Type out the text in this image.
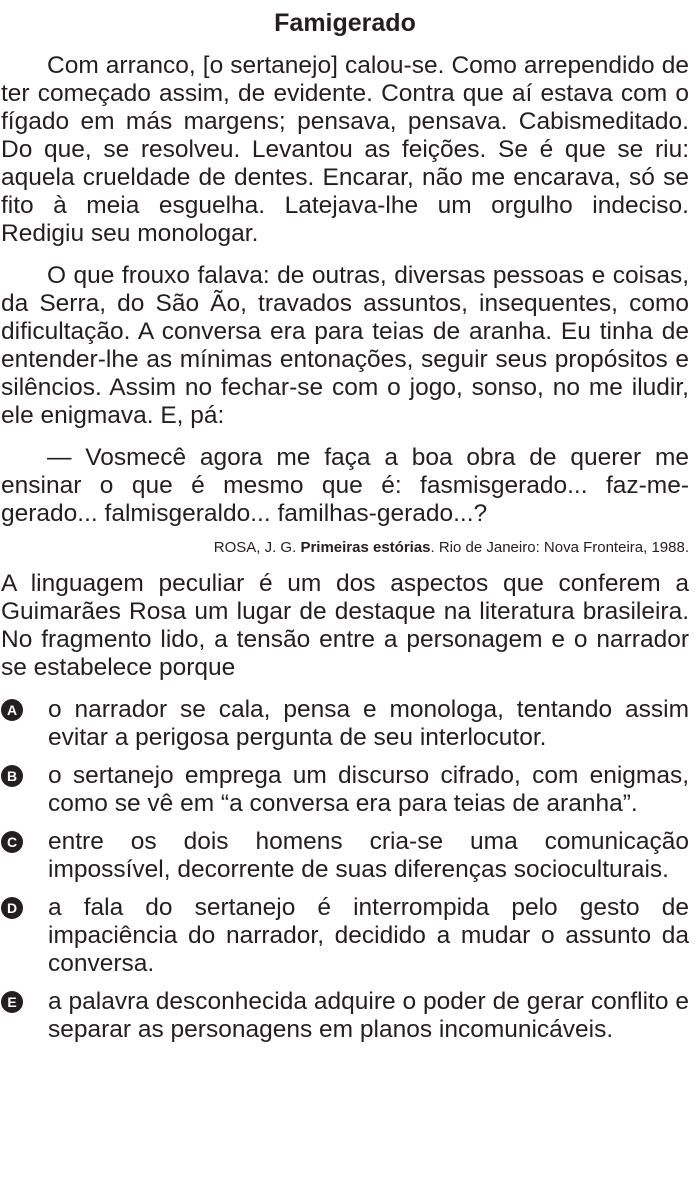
Famigerado

Com arranco, [o sertanejo] calou-se. Como arrependido de ter começado assim, de evidente. Contra que aí estava com o fígado em más margens; pensava, pensava. Cabismeditado. Do que, se resolveu. Levantou as feições. Se é que se riu: aquela crueldade de dentes. Encarar, não me encarava, só se fito à meia esguelha. Latejava-lhe um orgulho indeciso. Redigiu seu monologar.

O que frouxo falava: de outras, diversas pessoas e coisas, da Serra, do São Ão, travados assuntos, insequentes, como dificultação. A conversa era para teias de aranha. Eu tinha de entender-lhe as mínimas entonações, seguir seus propósitos e silêncios. Assim no fechar-se com o jogo, sonso, no me iludir, ele enigmava. E, pá:

— Vosmecê agora me faça a boa obra de querer me ensinar o que é mesmo que é: fasmisgerado... faz-me-gerado... falmisgeraldo... familhas-gerado...?

ROSA, J. G. Primeiras estórias. Rio de Janeiro: Nova Fronteira, 1988.

A linguagem peculiar é um dos aspectos que conferem a Guimarães Rosa um lugar de destaque na literatura brasileira. No fragmento lido, a tensão entre a personagem e o narrador se estabelece porque

A o narrador se cala, pensa e monologa, tentando assim evitar a perigosa pergunta de seu interlocutor.
B o sertanejo emprega um discurso cifrado, com enigmas, como se vê em “a conversa era para teias de aranha”.
C entre os dois homens cria-se uma comunicação impossível, decorrente de suas diferenças socioculturais.
D a fala do sertanejo é interrompida pelo gesto de impaciência do narrador, decidido a mudar o assunto da conversa.
E a palavra desconhecida adquire o poder de gerar conflito e separar as personagens em planos incomunicáveis.
